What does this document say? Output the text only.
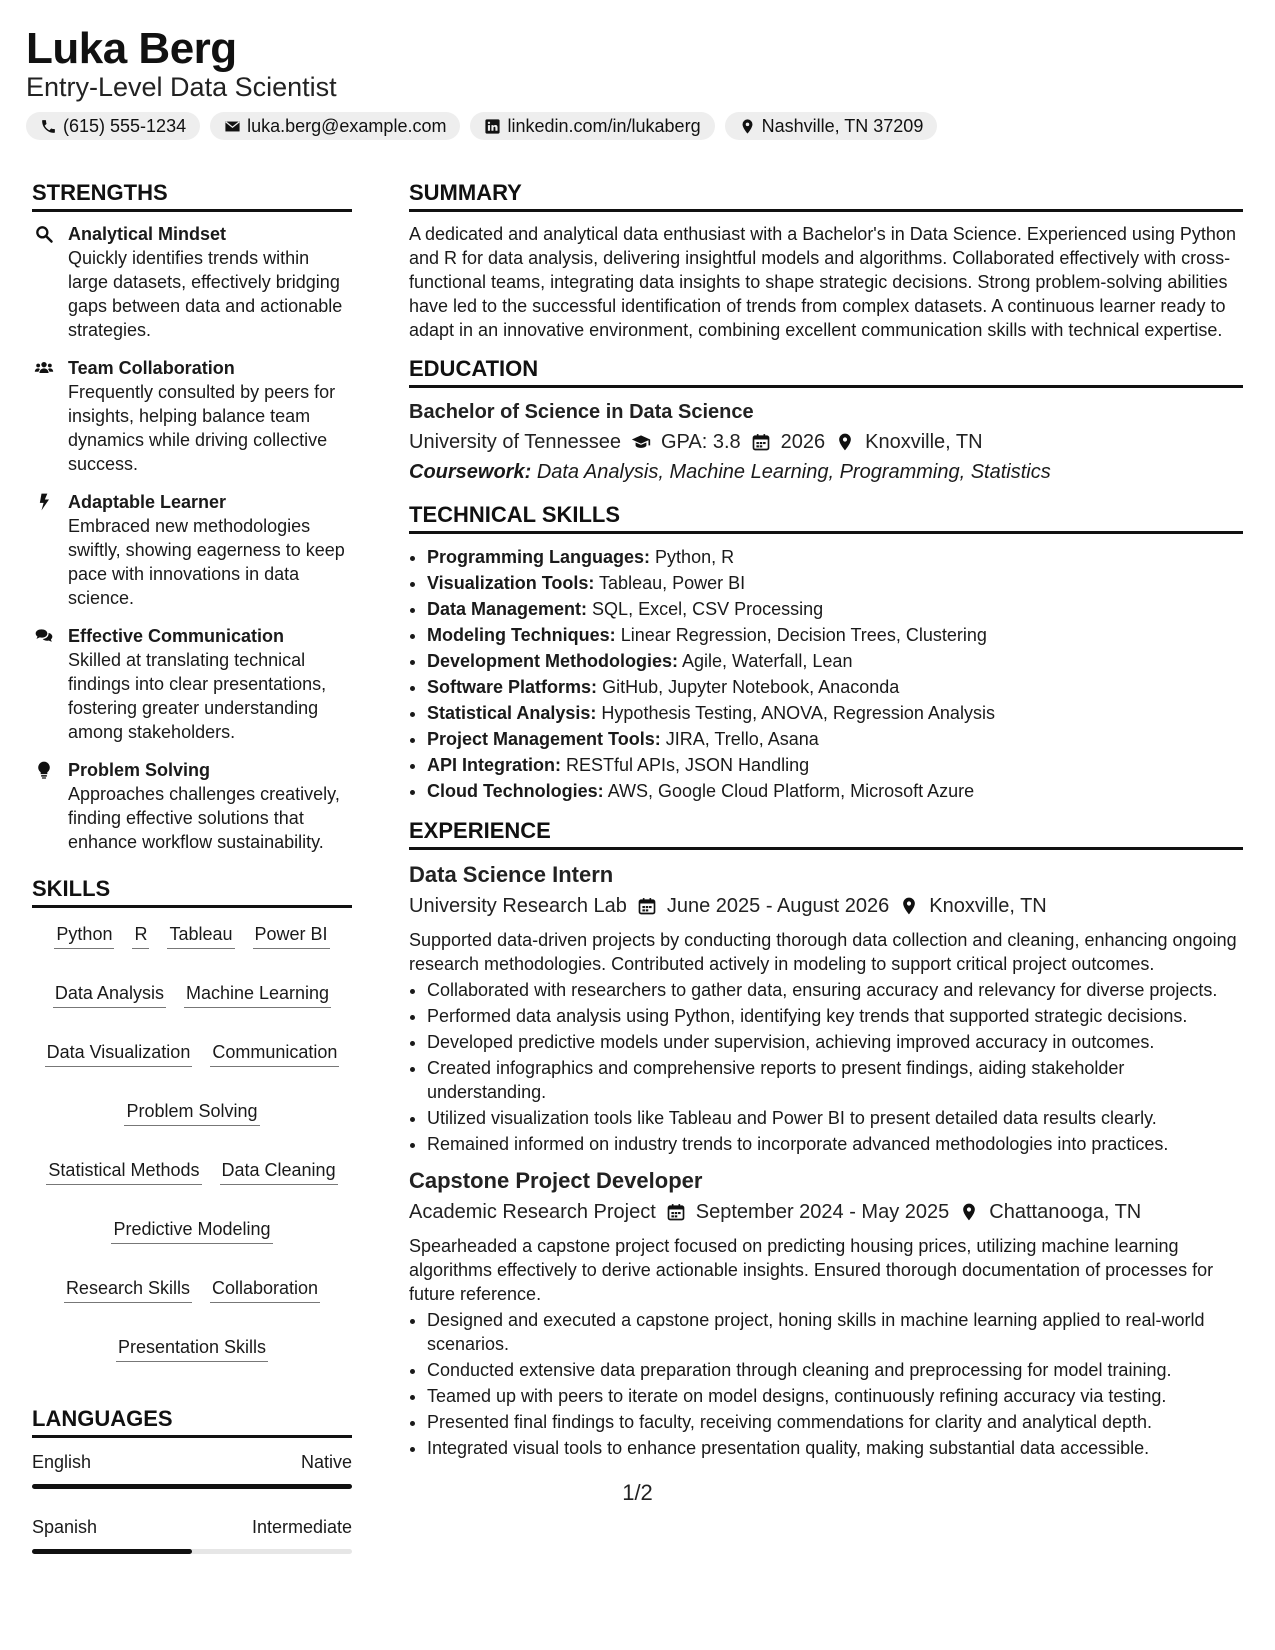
Luka Berg
Entry-Level Data Scientist
(615) 555-1234	luka.berg@example.com	linkedin.com/in/lukaberg	Nashville, TN 37209
STRENGTHS
Analytical Mindset
Quickly identifies trends within large datasets, effectively bridging gaps between data and actionable strategies.
Team Collaboration
Frequently consulted by peers for insights, helping balance team dynamics while driving collective success.
Adaptable Learner
Embraced new methodologies swiftly, showing eagerness to keep pace with innovations in data science.
Effective Communication
Skilled at translating technical findings into clear presentations, fostering greater understanding among stakeholders.
Problem Solving
Approaches challenges creatively, finding effective solutions that enhance workflow sustainability.
SKILLS
Python R Tableau Power BI
Data Analysis Machine Learning
Data Visualization Communication
Problem Solving
Statistical Methods Data Cleaning
Predictive Modeling
Research Skills Collaboration
Presentation Skills
LANGUAGES
English	Native
Spanish	Intermediate
SUMMARY
A dedicated and analytical data enthusiast with a Bachelor's in Data Science. Experienced using Python and R for data analysis, delivering insightful models and algorithms. Collaborated effectively with cross-functional teams, integrating data insights to shape strategic decisions. Strong problem-solving abilities have led to the successful identification of trends from complex datasets. A continuous learner ready to adapt in an innovative environment, combining excellent communication skills with technical expertise.
EDUCATION
Bachelor of Science in Data Science
University of Tennessee GPA: 3.8 2026 Knoxville, TN
Coursework: Data Analysis, Machine Learning, Programming, Statistics
TECHNICAL SKILLS
• Programming Languages: Python, R
• Visualization Tools: Tableau, Power BI
• Data Management: SQL, Excel, CSV Processing
• Modeling Techniques: Linear Regression, Decision Trees, Clustering
• Development Methodologies: Agile, Waterfall, Lean
• Software Platforms: GitHub, Jupyter Notebook, Anaconda
• Statistical Analysis: Hypothesis Testing, ANOVA, Regression Analysis
• Project Management Tools: JIRA, Trello, Asana
• API Integration: RESTful APIs, JSON Handling
• Cloud Technologies: AWS, Google Cloud Platform, Microsoft Azure
EXPERIENCE
Data Science Intern
University Research Lab June 2025 - August 2026 Knoxville, TN
Supported data-driven projects by conducting thorough data collection and cleaning, enhancing ongoing research methodologies. Contributed actively in modeling to support critical project outcomes.
• Collaborated with researchers to gather data, ensuring accuracy and relevancy for diverse projects.
• Performed data analysis using Python, identifying key trends that supported strategic decisions.
• Developed predictive models under supervision, achieving improved accuracy in outcomes.
• Created infographics and comprehensive reports to present findings, aiding stakeholder understanding.
• Utilized visualization tools like Tableau and Power BI to present detailed data results clearly.
• Remained informed on industry trends to incorporate advanced methodologies into practices.
Capstone Project Developer
Academic Research Project September 2024 - May 2025 Chattanooga, TN
Spearheaded a capstone project focused on predicting housing prices, utilizing machine learning algorithms effectively to derive actionable insights. Ensured thorough documentation of processes for future reference.
• Designed and executed a capstone project, honing skills in machine learning applied to real-world scenarios.
• Conducted extensive data preparation through cleaning and preprocessing for model training.
• Teamed up with peers to iterate on model designs, continuously refining accuracy via testing.
• Presented final findings to faculty, receiving commendations for clarity and analytical depth.
• Integrated visual tools to enhance presentation quality, making substantial data accessible.
1/2
